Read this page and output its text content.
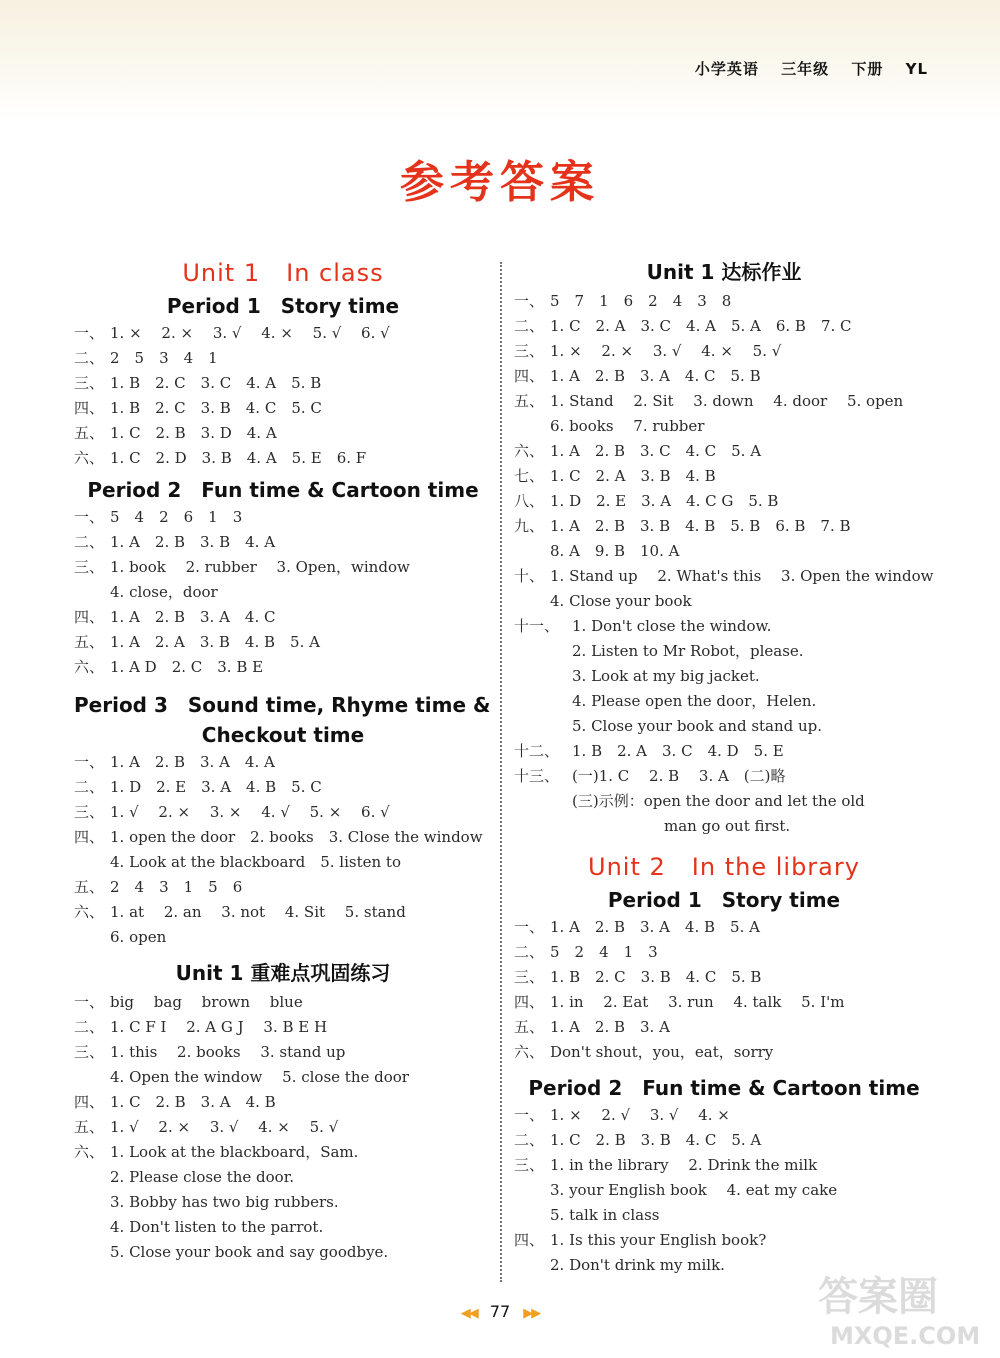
小学英语 三年级 下册 YL
参考答案
Unit 1 In class
Period 1　Story time
一、 1. ×　 2. ×　 3. √　 4. ×　 5. √　 6. √
二、 2　5　3　4　1
三、 1. B　2. C　3. C　4. A　5. B
四、 1. B　2. C　3. B　4. C　5. C
五、 1. C　2. B　3. D　4. A
六、 1. C　2. D　3. B　4. A　5. E　6. F
Period 2　Fun time & Cartoon time
一、 5　4　2　6　1　3
二、 1. A　2. B　3. B　4. A
三、 1. book　 2. rubber　 3. Open，window
4. close，door
四、 1. A　2. B　3. A　4. C
五、 1. A　2. A　3. B　4. B　5. A
六、 1. A D　2. C　3. B E
Period 3　Sound time, Rhyme time &
Checkout time
一、 1. A　2. B　3. A　4. A
二、 1. D　2. E　3. A　4. B　5. C
三、 1. √　 2. ×　 3. ×　 4. √　 5. ×　 6. √
四、 1. open the door　2. books　3. Close the window
4. Look at the blackboard　5. listen to
五、 2　4　3　1　5　6
六、 1. at　 2. an　 3. not　 4. Sit　 5. stand
6. open
Unit 1 重难点巩固练习
一、 big　 bag　 brown　 blue
二、 1. C F I　 2. A G J　 3. B E H
三、 1. this　 2. books　 3. stand up
4. Open the window　 5. close the door
四、 1. C　2. B　3. A　4. B
五、 1. √　 2. ×　 3. √　 4. ×　 5. √
六、 1. Look at the blackboard，Sam.
2. Please close the door.
3. Bobby has two big rubbers.
4. Don't listen to the parrot.
5. Close your book and say goodbye.
Unit 1 达标作业
一、 5　7　1　6　2　4　3　8
二、 1. C　2. A　3. C　4. A　5. A　6. B　7. C
三、 1. ×　 2. ×　 3. √　 4. ×　 5. √
四、 1. A　2. B　3. A　4. C　5. B
五、 1. Stand　 2. Sit　 3. down　 4. door　 5. open
6. books　 7. rubber
六、 1. A　2. B　3. C　4. C　5. A
七、 1. C　2. A　3. B　4. B
八、 1. D　2. E　3. A　4. C G　5. B
九、 1. A　2. B　3. B　4. B　5. B　6. B　7. B
8. A　9. B　10. A
十、 1. Stand up　 2. What's this　 3. Open the window
4. Close your book
十一、 1. Don't close the window.
2. Listen to Mr Robot，please.
3. Look at my big jacket.
4. Please open the door，Helen.
5. Close your book and stand up.
十二、 1. B　2. A　3. C　4. D　5. E
十三、 (一)1. C　 2. B　 3. A　(二)略
(三)示例：open the door and let the old
man go out first.
Unit 2 In the library
Period 1　Story time
一、 1. A　2. B　3. A　4. B　5. A
二、 5　2　4　1　3
三、 1. B　2. C　3. B　4. C　5. B
四、 1. in　 2. Eat　 3. run　 4. talk　 5. I'm
五、 1. A　2. B　3. A
六、 Don't shout，you，eat，sorry
Period 2　Fun time & Cartoon time
一、 1. ×　 2. √　 3. √　 4. ×
二、 1. C　2. B　3. B　4. C　5. A
三、 1. in the library　 2. Drink the milk
3. your English book　 4. eat my cake
5. talk in class
四、 1. Is this your English book?
2. Don't drink my milk.
◀◀ 77 ▶▶	答案圈
MXQE.COM
